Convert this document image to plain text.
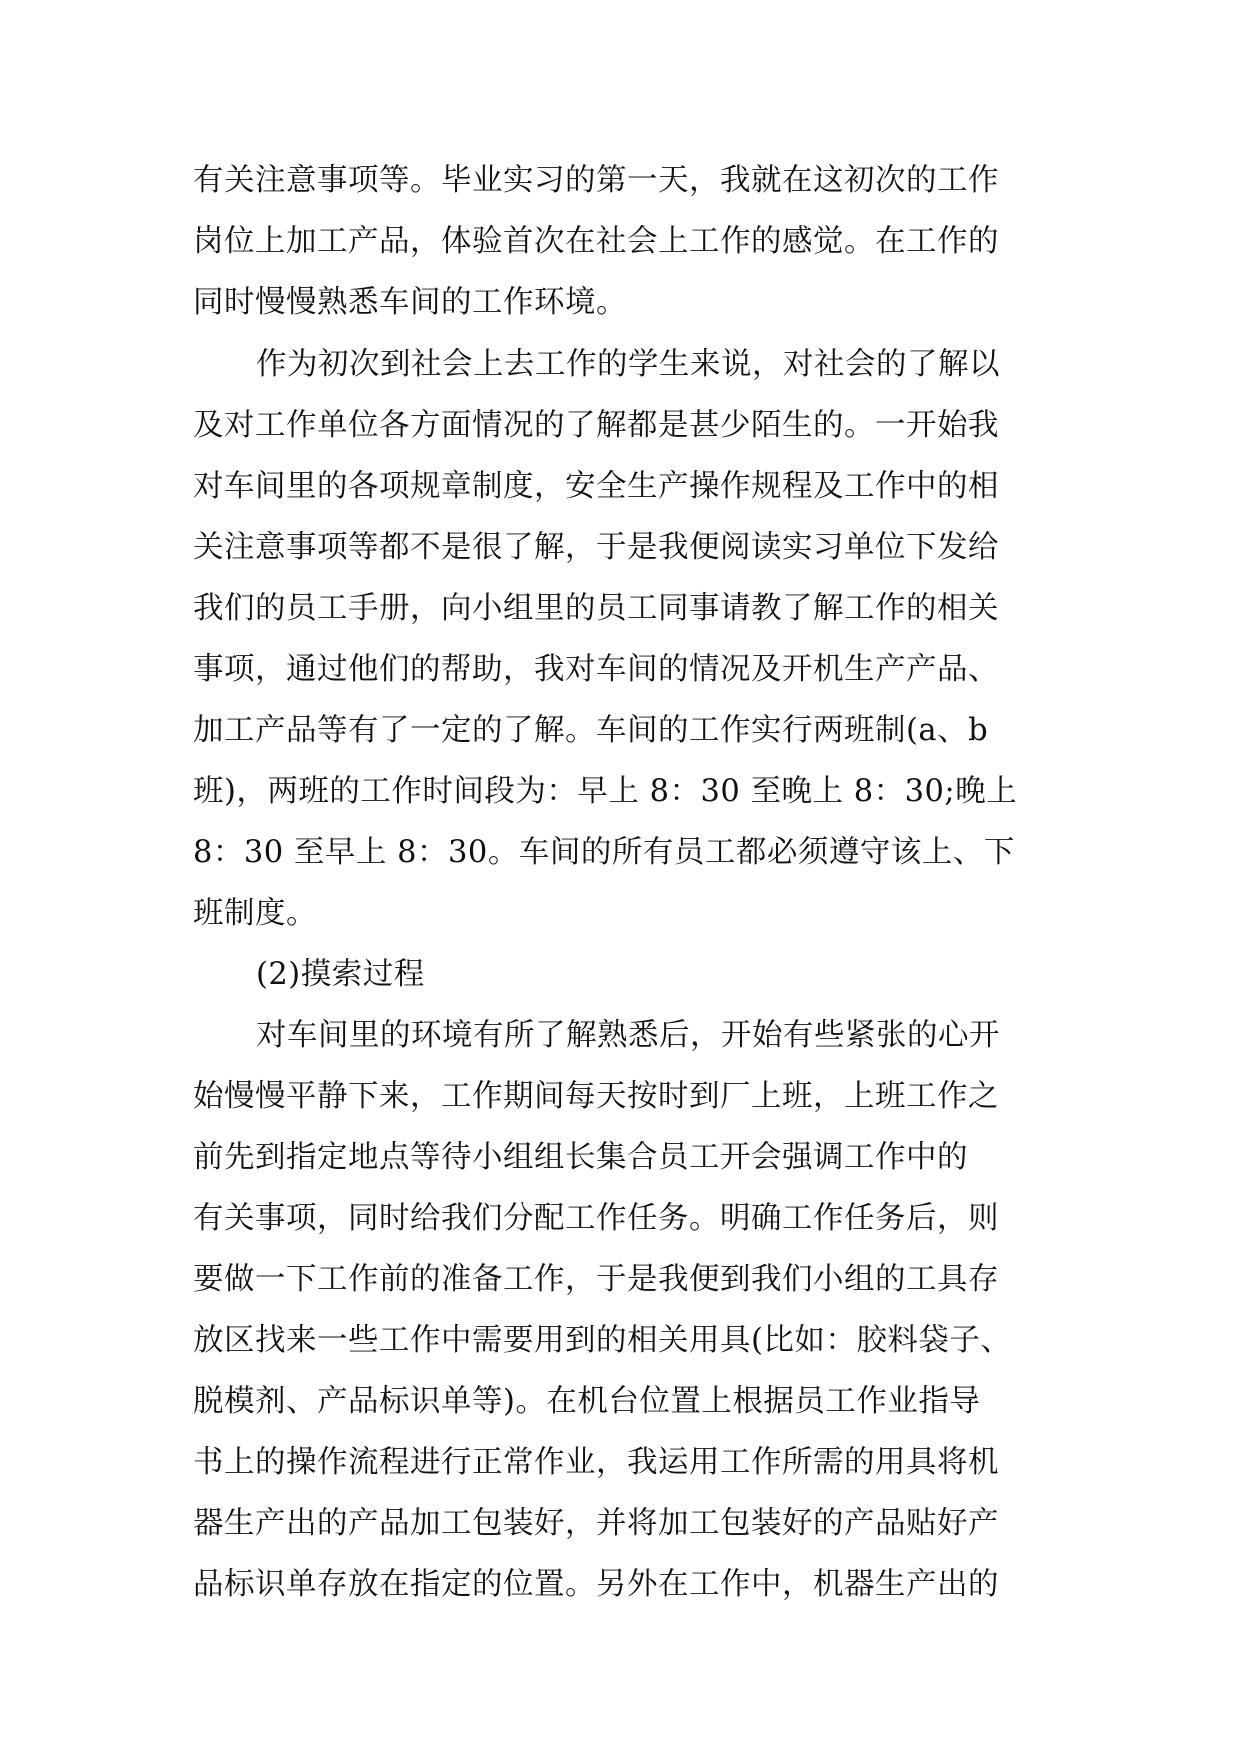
有关注意事项等。毕业实习的第一天，我就在这初次的工作
岗位上加工产品，体验首次在社会上工作的感觉。在工作的
同时慢慢熟悉车间的工作环境。
作为初次到社会上去工作的学生来说，对社会的了解以
及对工作单位各方面情况的了解都是甚少陌生的。一开始我
对车间里的各项规章制度，安全生产操作规程及工作中的相
关注意事项等都不是很了解，于是我便阅读实习单位下发给
我们的员工手册，向小组里的员工同事请教了解工作的相关
事项，通过他们的帮助，我对车间的情况及开机生产产品、
加工产品等有了一定的了解。车间的工作实行两班制(a、b
班)，两班的工作时间段为：早上 8：30 至晚上 8：30;晚上
8：30 至早上 8：30。车间的所有员工都必须遵守该上、下
班制度。
(2)摸索过程
对车间里的环境有所了解熟悉后，开始有些紧张的心开
始慢慢平静下来，工作期间每天按时到厂上班，上班工作之
前先到指定地点等待小组组长集合员工开会强调工作中的
有关事项，同时给我们分配工作任务。明确工作任务后，则
要做一下工作前的准备工作，于是我便到我们小组的工具存
放区找来一些工作中需要用到的相关用具(比如：胶料袋子、
脱模剂、产品标识单等)。在机台位置上根据员工作业指导
书上的操作流程进行正常作业，我运用工作所需的用具将机
器生产出的产品加工包装好，并将加工包装好的产品贴好产
品标识单存放在指定的位置。另外在工作中，机器生产出的
